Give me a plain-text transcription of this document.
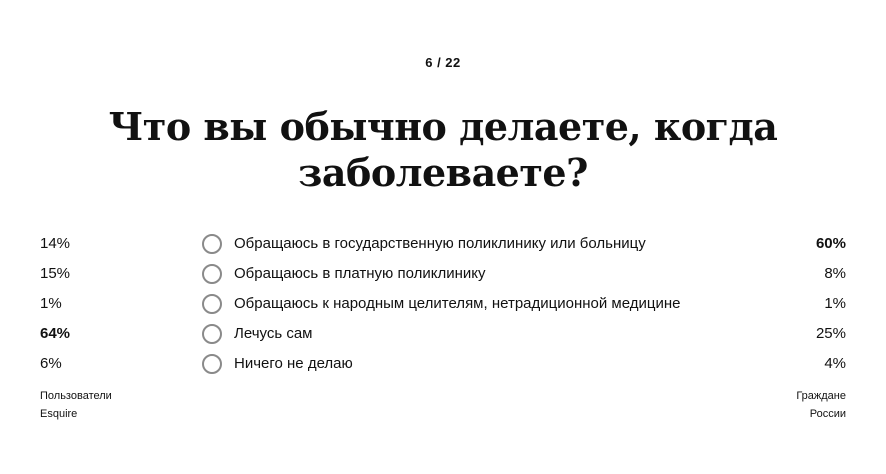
6 / 22
Что вы обычно делаете, когда
заболеваете?
14%	Обращаюсь в государственную поликлинику или больницу	60%
15%	Обращаюсь в платную поликлинику	8%
1%	Обращаюсь к народным целителям, нетрадиционной медицине	1%
64%	Лечусь сам	25%
6%	Ничего не делаю	4%
Пользователи
Esquire
Граждане
России
